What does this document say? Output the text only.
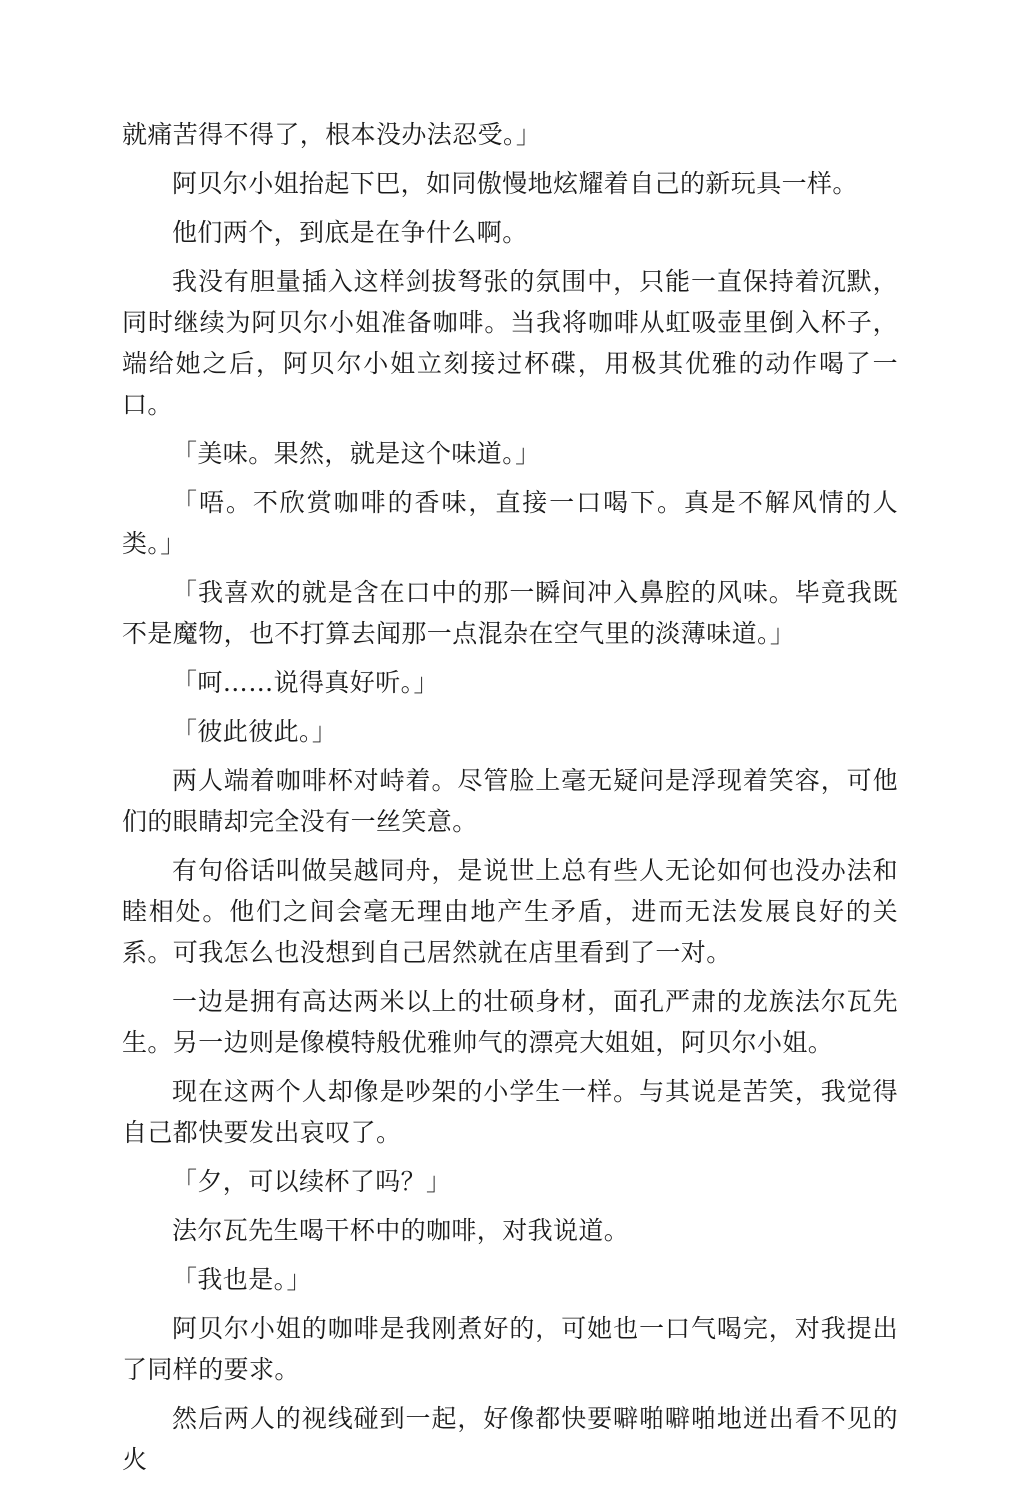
就痛苦得不得了，根本没办法忍受。」

阿贝尔小姐抬起下巴，如同傲慢地炫耀着自己的新玩具一样。

他们两个，到底是在争什么啊。

我没有胆量插入这样剑拔弩张的氛围中，只能一直保持着沉默，同时继续为阿贝尔小姐准备咖啡。当我将咖啡从虹吸壶里倒入杯子，端给她之后，阿贝尔小姐立刻接过杯碟，用极其优雅的动作喝了一口。

「美味。果然，就是这个味道。」

「唔。不欣赏咖啡的香味，直接一口喝下。真是不解风情的人类。」

「我喜欢的就是含在口中的那一瞬间冲入鼻腔的风味。毕竟我既不是魔物，也不打算去闻那一点混杂在空气里的淡薄味道。」

「呵……说得真好听。」

「彼此彼此。」

两人端着咖啡杯对峙着。尽管脸上毫无疑问是浮现着笑容，可他们的眼睛却完全没有一丝笑意。

有句俗话叫做吴越同舟，是说世上总有些人无论如何也没办法和睦相处。他们之间会毫无理由地产生矛盾，进而无法发展良好的关系。可我怎么也没想到自己居然就在店里看到了一对。

一边是拥有高达两米以上的壮硕身材，面孔严肃的龙族法尔瓦先生。另一边则是像模特般优雅帅气的漂亮大姐姐，阿贝尔小姐。

现在这两个人却像是吵架的小学生一样。与其说是苦笑，我觉得自己都快要发出哀叹了。

「夕，可以续杯了吗？」

法尔瓦先生喝干杯中的咖啡，对我说道。

「我也是。」

阿贝尔小姐的咖啡是我刚煮好的，可她也一口气喝完，对我提出了同样的要求。

然后两人的视线碰到一起，好像都快要噼啪噼啪地迸出看不见的火
